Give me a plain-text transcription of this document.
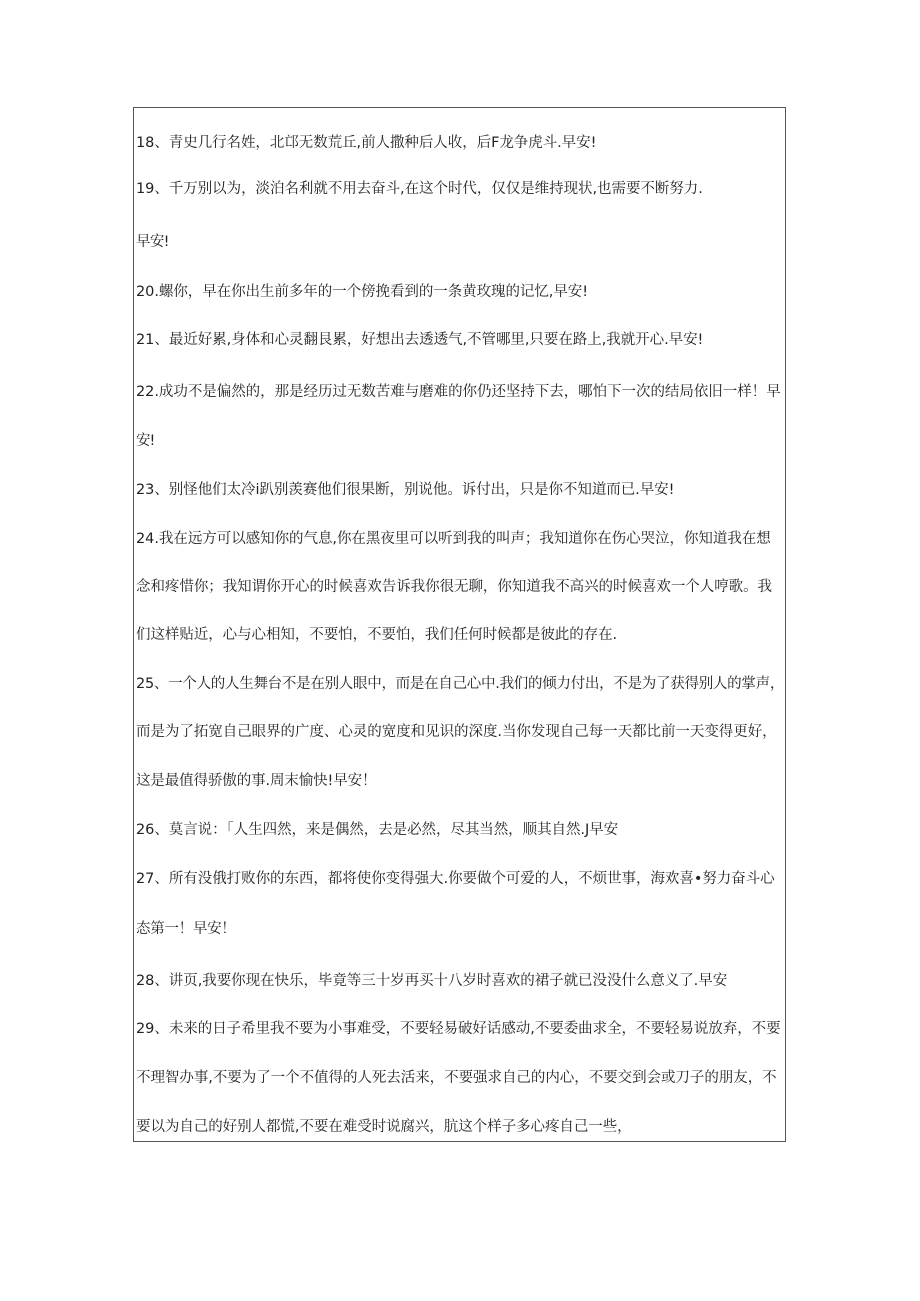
18、青史几行名姓，北邙无数荒丘,前人撒种后人收，后F龙争虎斗.早安!
19、千万别以为，淡泊名利就不用去奋斗,在这个时代，仅仅是维持现状,也需要不断努力.
早安!
20.螺你，早在你出生前多年的一个傍挽看到的一条黄玫瑰的记忆,早安!
21、最近好累,身体和心灵翻艮累，好想出去透透气,不管哪里,只要在路上,我就开心.早安!
22.成功不是偏然的，那是经历过无数苦难与磨难的你仍还坚持下去，哪怕下一次的结局依旧一样！早
安!
23、别怪他们太冷i趴别羡赛他们很果断，别说他。诉付出，只是你不知道而已.早安!
24.我在远方可以感知你的气息,你在黑夜里可以听到我的叫声；我知道你在伤心哭泣，你知道我在想
念和疼惜你；我知谓你开心的时候喜欢告诉我你很无聊，你知道我不高兴的时候喜欢一个人哼歌。我
们这样贴近，心与心相知，不要怕，不要怕，我们任何时候都是彼此的存在.
25、一个人的人生舞台不是在别人眼中，而是在自己心中.我们的倾力付出，不是为了获得别人的掌声，
而是为了拓宽自己眼界的广度、心灵的宽度和见识的深度.当你发现自己每一天都比前一天变得更好，
这是最值得骄傲的事.周末愉快!早安！
26、莫言说：「人生四然，来是偶然，去是必然，尽其当然，顺其自然.J早安
27、所有没俄打败你的东西，都将使你变得强大.你要做个可爱的人，不烦世事，海欢喜•努力奋斗心
态第一！早安！
28、讲页,我要你现在快乐，毕竟等三十岁再买十八岁时喜欢的裙子就已没没什么意义了.早安
29、未来的日子希里我不要为小事难受，不要轻易破好话感动,不要委曲求全，不要轻易说放弃，不要
不理智办事,不要为了一个不值得的人死去活来，不要强求自己的内心，不要交到会或刀子的朋友，不
要以为自己的好别人都慌,不要在难受时说腐兴，肮这个样子多心疼自己一些，
